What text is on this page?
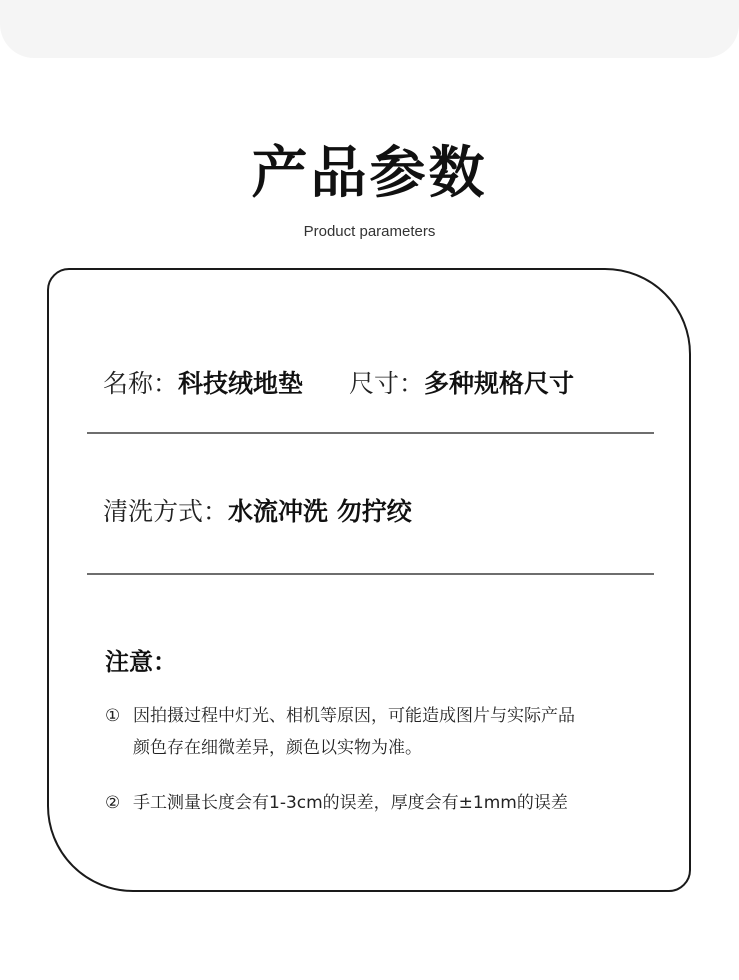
产品参数
Product parameters
名称：科技绒地垫 尺寸：多种规格尺寸
清洗方式：水流冲洗 勿拧绞
注意：
① 因拍摄过程中灯光、相机等原因，可能造成图片与实际产品
颜色存在细微差异，颜色以实物为准。
② 手工测量长度会有1-3cm的误差，厚度会有±1mm的误差
